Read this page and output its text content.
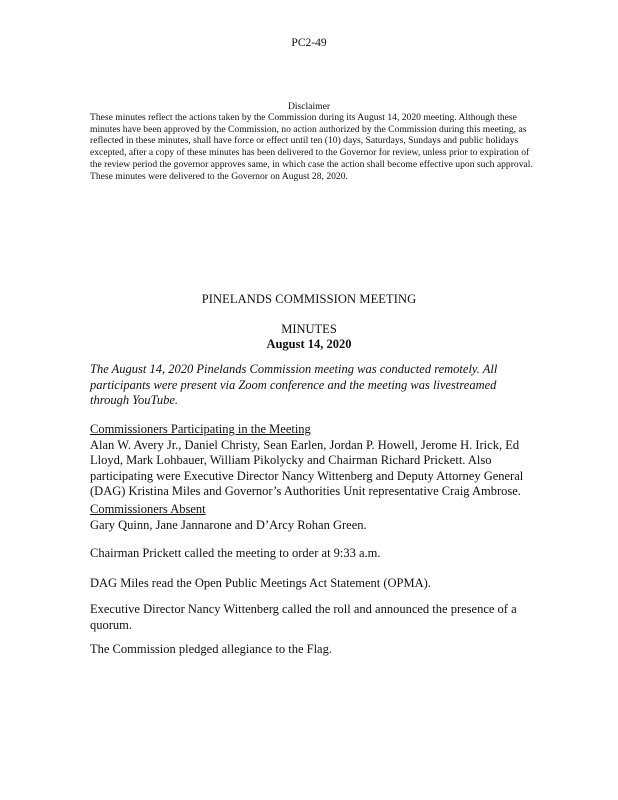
PC2-49
Disclaimer
These minutes reflect the actions taken by the Commission during its August 14, 2020 meeting. Although these minutes have been approved by the Commission, no action authorized by the Commission during this meeting, as reflected in these minutes, shall have force or effect until ten (10) days, Saturdays, Sundays and public holidays excepted, after a copy of these minutes has been delivered to the Governor for review, unless prior to expiration of the review period the governor approves same, in which case the action shall become effective upon such approval. These minutes were delivered to the Governor on August 28, 2020.
PINELANDS COMMISSION MEETING
MINUTES
August 14, 2020
The August 14, 2020 Pinelands Commission meeting was conducted remotely. All participants were present via Zoom conference and the meeting was livestreamed through YouTube.
Commissioners Participating in the Meeting
Alan W. Avery Jr., Daniel Christy, Sean Earlen, Jordan P. Howell, Jerome H. Irick, Ed Lloyd, Mark Lohbauer, William Pikolycky and Chairman Richard Prickett. Also participating were Executive Director Nancy Wittenberg and Deputy Attorney General (DAG) Kristina Miles and Governor’s Authorities Unit representative Craig Ambrose.
Commissioners Absent
Gary Quinn, Jane Jannarone and D’Arcy Rohan Green.
Chairman Prickett called the meeting to order at 9:33 a.m.
DAG Miles read the Open Public Meetings Act Statement (OPMA).
Executive Director Nancy Wittenberg called the roll and announced the presence of a quorum.
The Commission pledged allegiance to the Flag.
